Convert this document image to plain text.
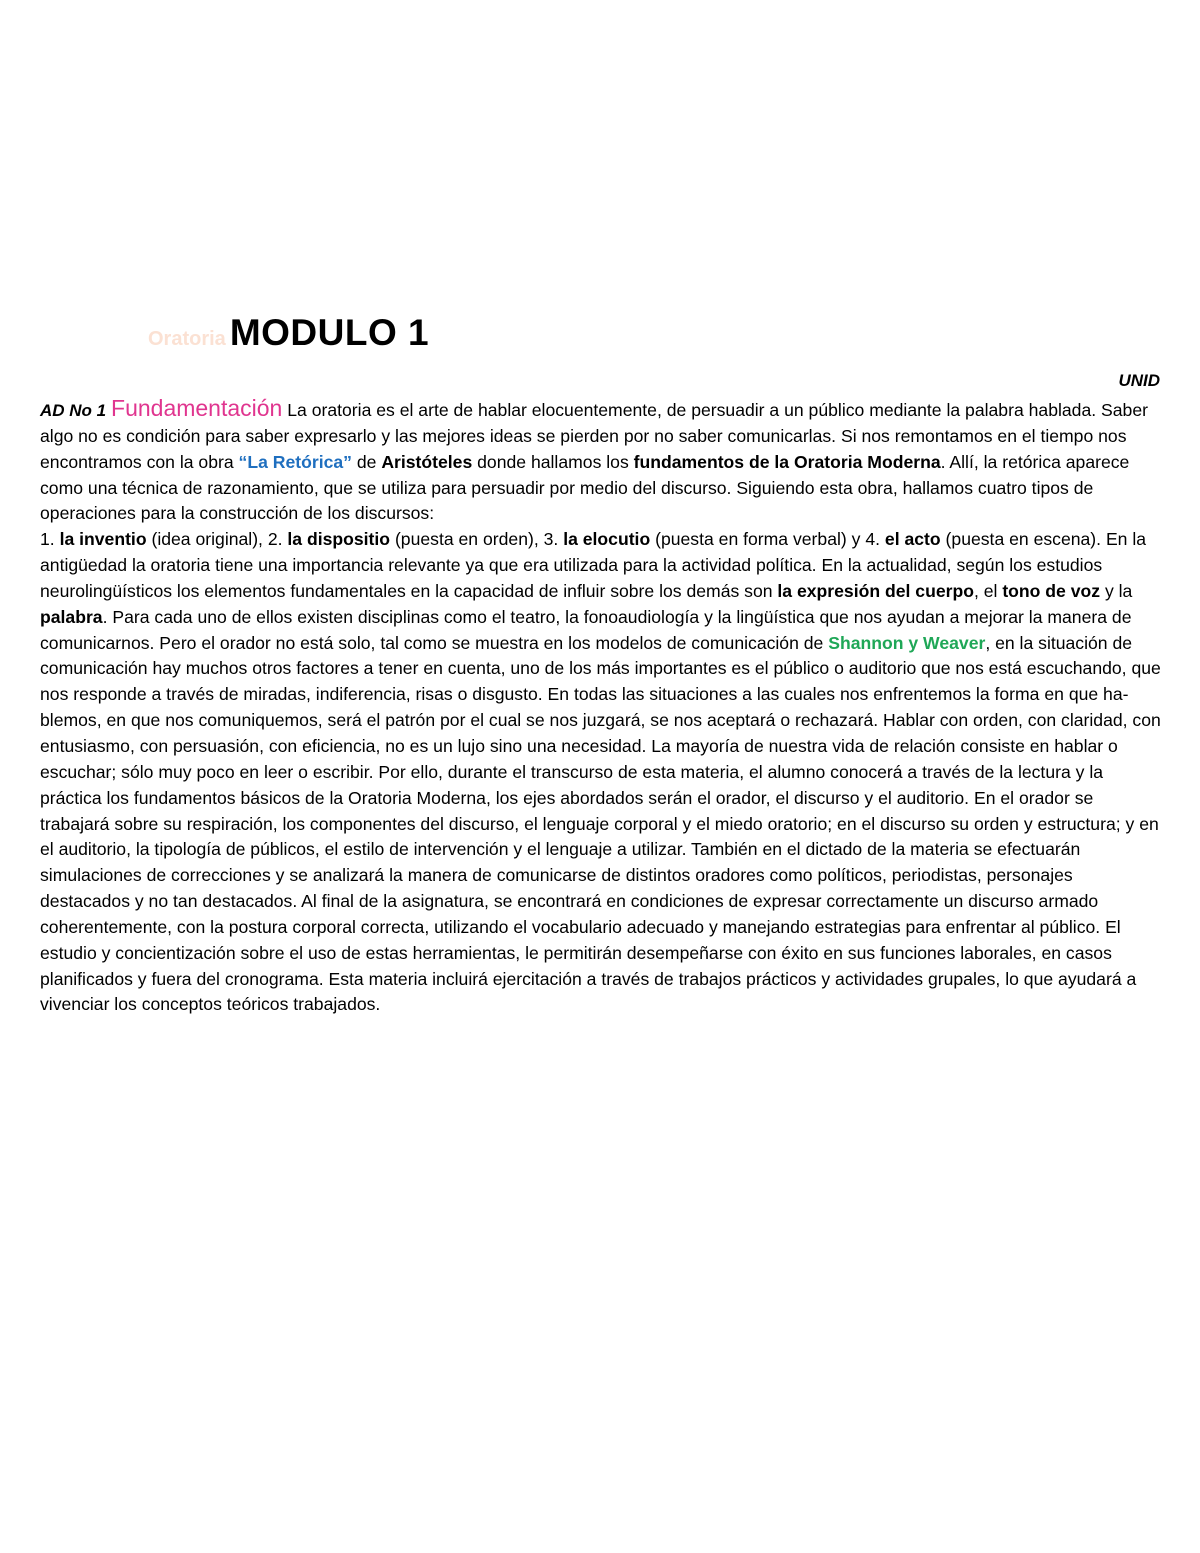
Oratoria MODULO 1
UNID

AD No 1 Fundamentación La oratoria es el arte de hablar elocuentemente, de persuadir a un público mediante la palabra hablada. Saber algo no es condición para saber expresarlo y las mejores ideas se pierden por no saber comunicarlas. Si nos remontamos en el tiempo nos encontramos con la obra “La Retórica” de Aristóteles donde hallamos los fundamentos de la Oratoria Moderna. Allí, la retórica aparece como una técnica de razonamiento, que se utiliza para persuadir por medio del discurso. Siguiendo esta obra, hallamos cuatro tipos de operaciones para la construcción de los discursos:

1. la inventio (idea original), 2. la dispositio (puesta en orden), 3. la elocutio (puesta en forma verbal) y 4. el acto (puesta en escena). En la antigüedad la oratoria tiene una importancia relevante ya que era utilizada para la actividad política. En la actualidad, según los estudios neurolingüísticos los elementos fundamentales en la capacidad de influir sobre los demás son la expresión del cuerpo, el tono de voz y la palabra. Para cada uno de ellos existen disciplinas como el teatro, la fonoaudiología y la lingüística que nos ayudan a mejorar la manera de comunicarnos. Pero el orador no está solo, tal como se muestra en los modelos de comunicación de Shannon y Weaver, en la situación de comunicación hay muchos otros factores a tener en cuenta, uno de los más importantes es el público o auditorio que nos está escuchando, que nos responde a través de miradas, indiferencia, risas o disgusto. En todas las situaciones a las cuales nos enfrentemos la forma en que ha- blemos, en que nos comuniquemos, será el patrón por el cual se nos juzgará, se nos aceptará o rechazará. Hablar con orden, con claridad, con entusiasmo, con persuasión, con eficiencia, no es un lujo sino una necesidad. La mayoría de nuestra vida de relación consiste en hablar o escuchar; sólo muy poco en leer o escribir. Por ello, durante el transcurso de esta materia, el alumno conocerá a través de la lectura y la práctica los fundamentos básicos de la Oratoria Moderna, los ejes abordados serán el orador, el discurso y el auditorio. En el orador se trabajará sobre su respiración, los componentes del discurso, el lenguaje corporal y el miedo oratorio; en el discurso su orden y estructura; y en el auditorio, la tipología de públicos, el estilo de intervención y el lenguaje a utilizar. También en el dictado de la materia se efectuarán simulaciones de correcciones y se analizará la manera de comunicarse de distintos oradores como políticos, periodistas, personajes destacados y no tan destacados. Al final de la asignatura, se encontrará en condiciones de expresar correctamente un discurso armado coherentemente, con la postura corporal correcta, utilizando el vocabulario adecuado y manejando estrategias para enfrentar al público. El estudio y concientización sobre el uso de estas herramientas, le permitirán desempeñarse con éxito en sus funciones laborales, en casos planificados y fuera del cronograma. Esta materia incluirá ejercitación a través de trabajos prácticos y actividades grupales, lo que ayudará a vivenciar los conceptos teóricos trabajados.
